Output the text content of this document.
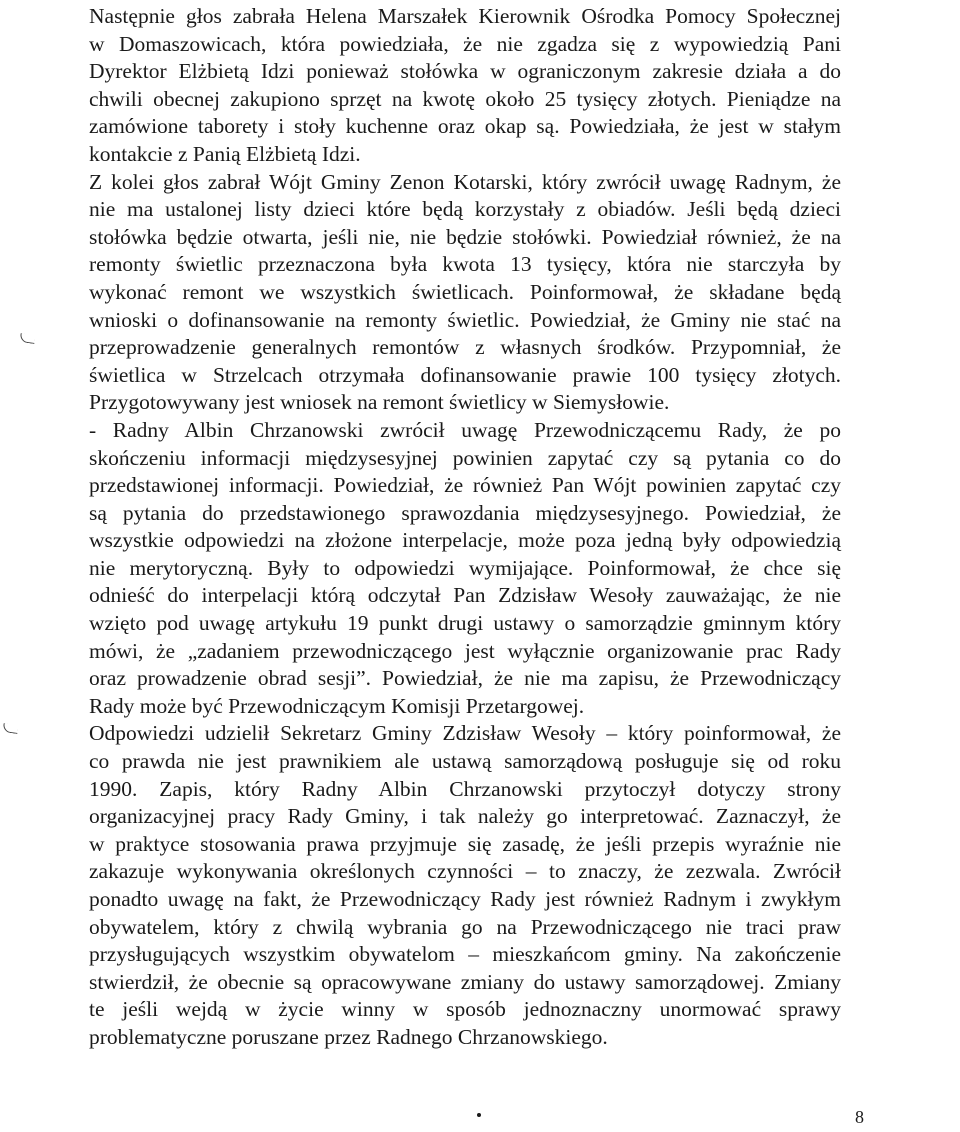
Następnie głos zabrała Helena Marszałek Kierownik Ośrodka Pomocy Społecznej
w Domaszowicach, która powiedziała, że nie zgadza się z wypowiedzią Pani
Dyrektor Elżbietą Idzi ponieważ stołówka w ograniczonym zakresie działa a do
chwili obecnej zakupiono sprzęt na kwotę około 25 tysięcy złotych. Pieniądze na
zamówione taborety i stoły kuchenne oraz okap są. Powiedziała, że jest w stałym
kontakcie z Panią Elżbietą Idzi.
Z kolei głos zabrał Wójt Gminy Zenon Kotarski, który zwrócił uwagę Radnym, że
nie ma ustalonej listy dzieci które będą korzystały z obiadów. Jeśli będą dzieci
stołówka będzie otwarta, jeśli nie, nie będzie stołówki. Powiedział również, że na
remonty świetlic przeznaczona była kwota 13 tysięcy, która nie starczyła by
wykonać remont we wszystkich świetlicach. Poinformował, że składane będą
wnioski o dofinansowanie na remonty świetlic. Powiedział, że Gminy nie stać na
przeprowadzenie generalnych remontów z własnych środków. Przypomniał, że
świetlica w Strzelcach otrzymała dofinansowanie prawie 100 tysięcy złotych.
Przygotowywany jest wniosek na remont świetlicy w Siemysłowie.
- Radny Albin Chrzanowski zwrócił uwagę Przewodniczącemu Rady, że po
skończeniu informacji międzysesyjnej powinien zapytać czy są pytania co do
przedstawionej informacji. Powiedział, że również Pan Wójt powinien zapytać czy
są pytania do przedstawionego sprawozdania międzysesyjnego. Powiedział, że
wszystkie odpowiedzi na złożone interpelacje, może poza jedną były odpowiedzią
nie merytoryczną. Były to odpowiedzi wymijające. Poinformował, że chce się
odnieść do interpelacji którą odczytał Pan Zdzisław Wesoły zauważając, że nie
wzięto pod uwagę artykułu 19 punkt drugi ustawy o samorządzie gminnym który
mówi, że „zadaniem przewodniczącego jest wyłącznie organizowanie prac Rady
oraz prowadzenie obrad sesji”. Powiedział, że nie ma zapisu, że Przewodniczący
Rady może być Przewodniczącym Komisji Przetargowej.
Odpowiedzi udzielił Sekretarz Gminy Zdzisław Wesoły – który poinformował, że
co prawda nie jest prawnikiem ale ustawą samorządową posługuje się od roku
1990. Zapis, który Radny Albin Chrzanowski przytoczył dotyczy strony
organizacyjnej pracy Rady Gminy, i tak należy go interpretować. Zaznaczył, że
w praktyce stosowania prawa przyjmuje się zasadę, że jeśli przepis wyraźnie nie
zakazuje wykonywania określonych czynności – to znaczy, że zezwala. Zwrócił
ponadto uwagę na fakt, że Przewodniczący Rady jest również Radnym i zwykłym
obywatelem, który z chwilą wybrania go na Przewodniczącego nie traci praw
przysługujących wszystkim obywatelom – mieszkańcom gminy. Na zakończenie
stwierdził, że obecnie są opracowywane zmiany do ustawy samorządowej. Zmiany
te jeśli wejdą w życie winny w sposób jednoznaczny unormować sprawy
problematyczne poruszane przez Radnego Chrzanowskiego.
8
